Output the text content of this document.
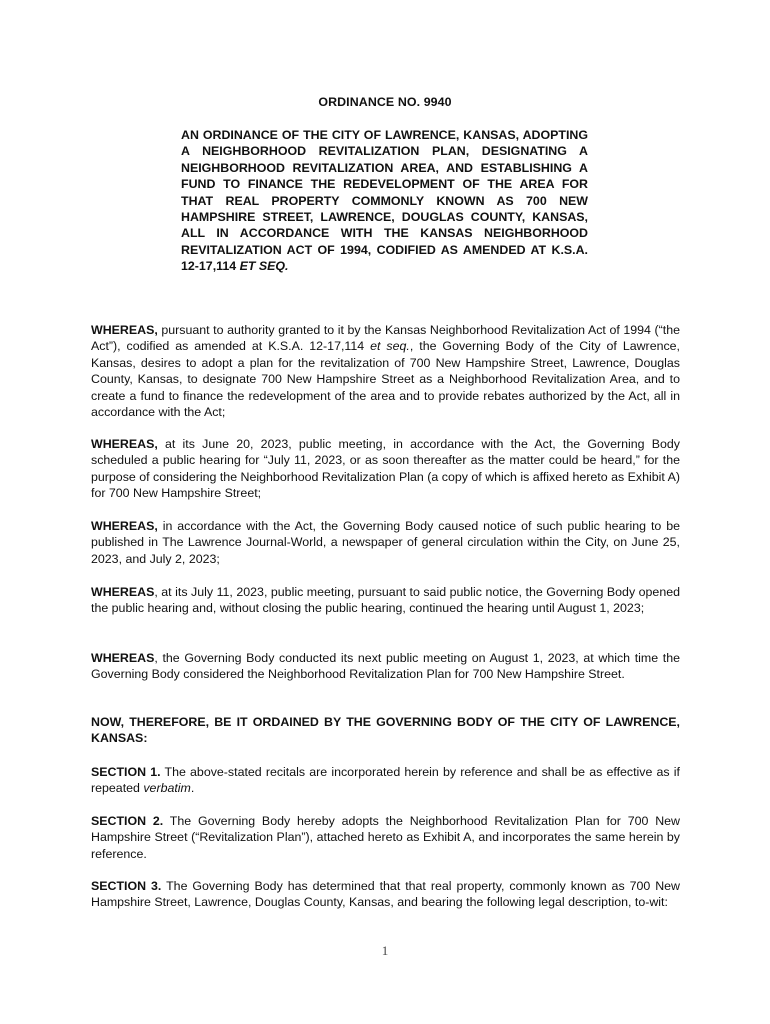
ORDINANCE NO. 9940
AN ORDINANCE OF THE CITY OF LAWRENCE, KANSAS, ADOPTING A NEIGHBORHOOD REVITALIZATION PLAN, DESIGNATING A NEIGHBORHOOD REVITALIZATION AREA, AND ESTABLISHING A FUND TO FINANCE THE REDEVELOPMENT OF THE AREA FOR THAT REAL PROPERTY COMMONLY KNOWN AS 700 NEW HAMPSHIRE STREET, LAWRENCE, DOUGLAS COUNTY, KANSAS, ALL IN ACCORDANCE WITH THE KANSAS NEIGHBORHOOD REVITALIZATION ACT OF 1994, CODIFIED AS AMENDED AT K.S.A. 12-17,114 ET SEQ.
WHEREAS, pursuant to authority granted to it by the Kansas Neighborhood Revitalization Act of 1994 (“the Act”), codified as amended at K.S.A. 12-17,114 et seq., the Governing Body of the City of Lawrence, Kansas, desires to adopt a plan for the revitalization of 700 New Hampshire Street, Lawrence, Douglas County, Kansas, to designate 700 New Hampshire Street as a Neighborhood Revitalization Area, and to create a fund to finance the redevelopment of the area and to provide rebates authorized by the Act, all in accordance with the Act;
WHEREAS, at its June 20, 2023, public meeting, in accordance with the Act, the Governing Body scheduled a public hearing for “July 11, 2023, or as soon thereafter as the matter could be heard,” for the purpose of considering the Neighborhood Revitalization Plan (a copy of which is affixed hereto as Exhibit A) for 700 New Hampshire Street;
WHEREAS, in accordance with the Act, the Governing Body caused notice of such public hearing to be published in The Lawrence Journal-World, a newspaper of general circulation within the City, on June 25, 2023, and July 2, 2023;
WHEREAS, at its July 11, 2023, public meeting, pursuant to said public notice, the Governing Body opened the public hearing and, without closing the public hearing, continued the hearing until August 1, 2023;
WHEREAS, the Governing Body conducted its next public meeting on August 1, 2023, at which time the Governing Body considered the Neighborhood Revitalization Plan for 700 New Hampshire Street.
NOW, THEREFORE, BE IT ORDAINED BY THE GOVERNING BODY OF THE CITY OF LAWRENCE, KANSAS:
SECTION 1. The above-stated recitals are incorporated herein by reference and shall be as effective as if repeated verbatim.
SECTION 2. The Governing Body hereby adopts the Neighborhood Revitalization Plan for 700 New Hampshire Street (“Revitalization Plan”), attached hereto as Exhibit A, and incorporates the same herein by reference.
SECTION 3. The Governing Body has determined that that real property, commonly known as 700 New Hampshire Street, Lawrence, Douglas County, Kansas, and bearing the following legal description, to-wit:
1
